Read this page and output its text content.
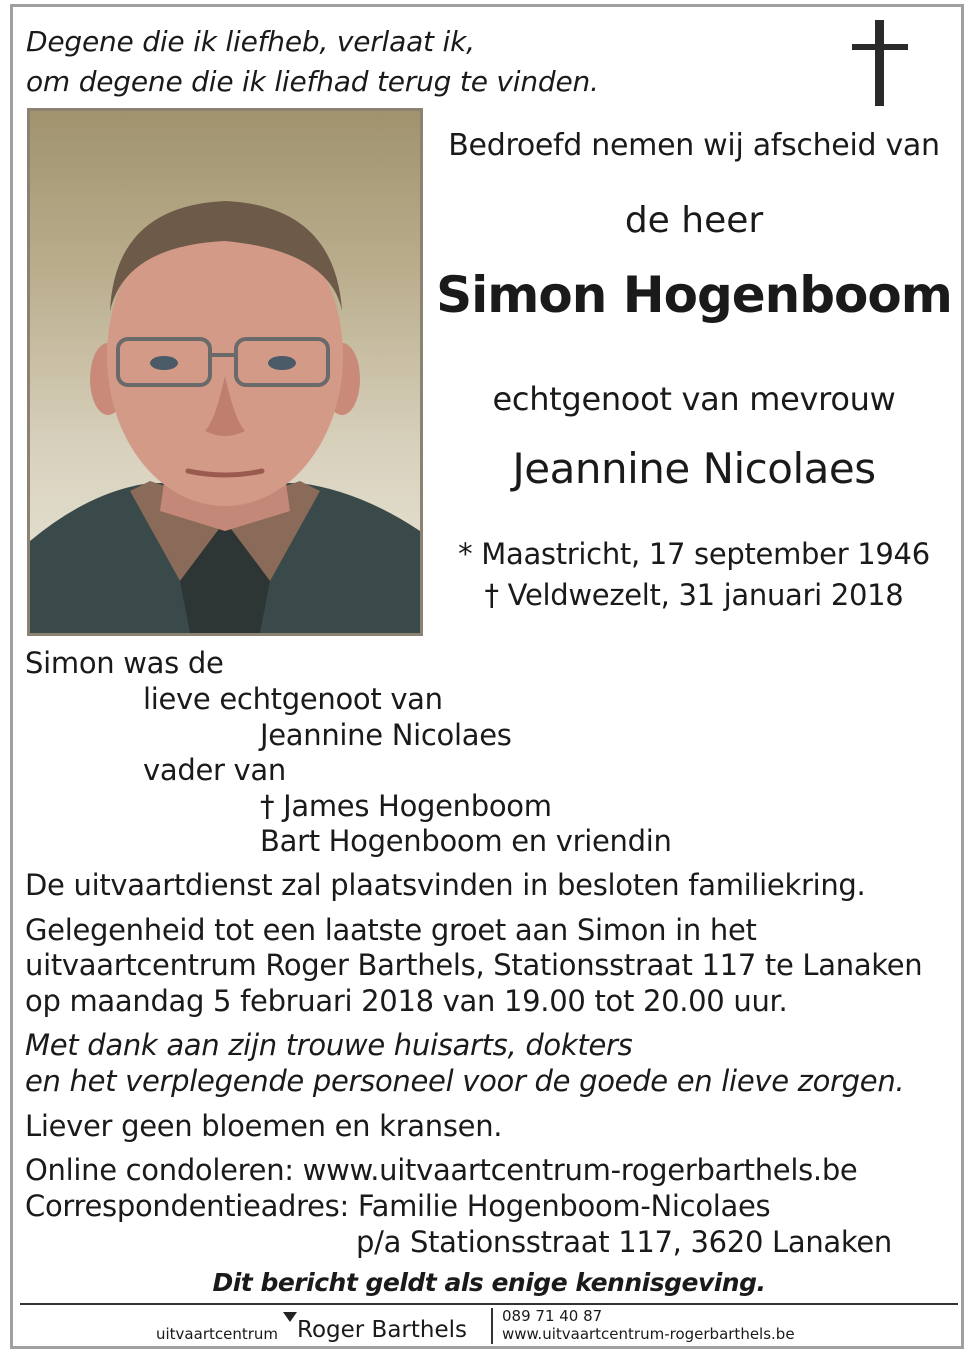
Degene die ik liefheb, verlaat ik,
om degene die ik liefhad terug te vinden.
Bedroefd nemen wij afscheid van
de heer
Simon Hogenboom
echtgenoot van mevrouw
Jeannine Nicolaes
* Maastricht, 17 september 1946
† Veldwezelt, 31 januari 2018
Simon was de
lieve echtgenoot van
Jeannine Nicolaes
vader van
† James Hogenboom
Bart Hogenboom en vriendin
De uitvaartdienst zal plaatsvinden in besloten familiekring.
Gelegenheid tot een laatste groet aan Simon in het
uitvaartcentrum Roger Barthels, Stationsstraat 117 te Lanaken
op maandag 5 februari 2018 van 19.00 tot 20.00 uur.
Met dank aan zijn trouwe huisarts, dokters
en het verplegende personeel voor de goede en lieve zorgen.
Liever geen bloemen en kransen.
Online condoleren: www.uitvaartcentrum-rogerbarthels.be
Correspondentieadres: Familie Hogenboom-Nicolaes
p/a Stationsstraat 117, 3620 Lanaken
Dit bericht geldt als enige kennisgeving.
uitvaartcentrum Roger Barthels
089 71 40 87
www.uitvaartcentrum-rogerbarthels.be
